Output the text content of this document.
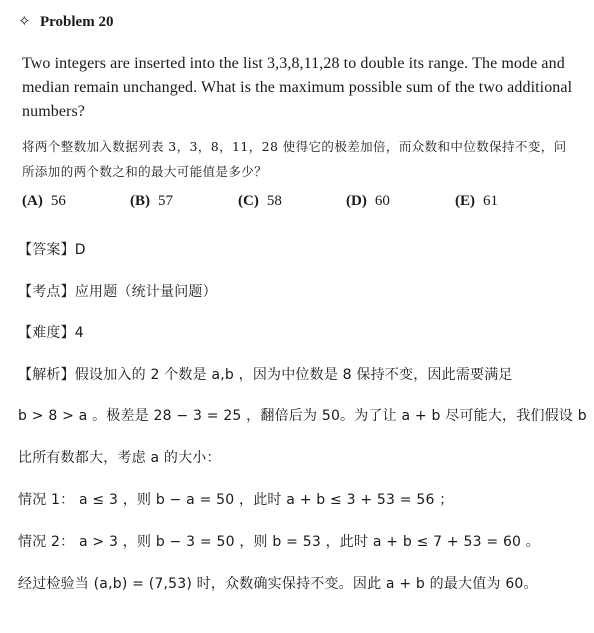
✧ Problem 20
Two integers are inserted into the list 3,3,8,11,28 to double its range. The mode and median remain unchanged. What is the maximum possible sum of the two additional numbers?
将两个整数加入数据列表 3，3，8，11，28 使得它的极差加倍，而众数和中位数保持不变，问所添加的两个数之和的最大可能值是多少？
(A) 56	(B) 57	(C) 58	(D) 60	(E) 61
【答案】D
【考点】应用题（统计量问题）
【难度】4
【解析】假设加入的 2 个数是 a,b ，因为中位数是 8 保持不变，因此需要满足
b > 8 > a 。极差是 28 − 3 = 25 ，翻倍后为 50。为了让 a + b 尽可能大，我们假设 b
比所有数都大，考虑 a 的大小：
情况 1： a ≤ 3 ，则 b − a = 50 ，此时 a + b ≤ 3 + 53 = 56 ；
情况 2： a > 3 ，则 b − 3 = 50 ，则 b = 53 ，此时 a + b ≤ 7 + 53 = 60 。
经过检验当 (a,b) = (7,53) 时，众数确实保持不变。因此 a + b 的最大值为 60。
